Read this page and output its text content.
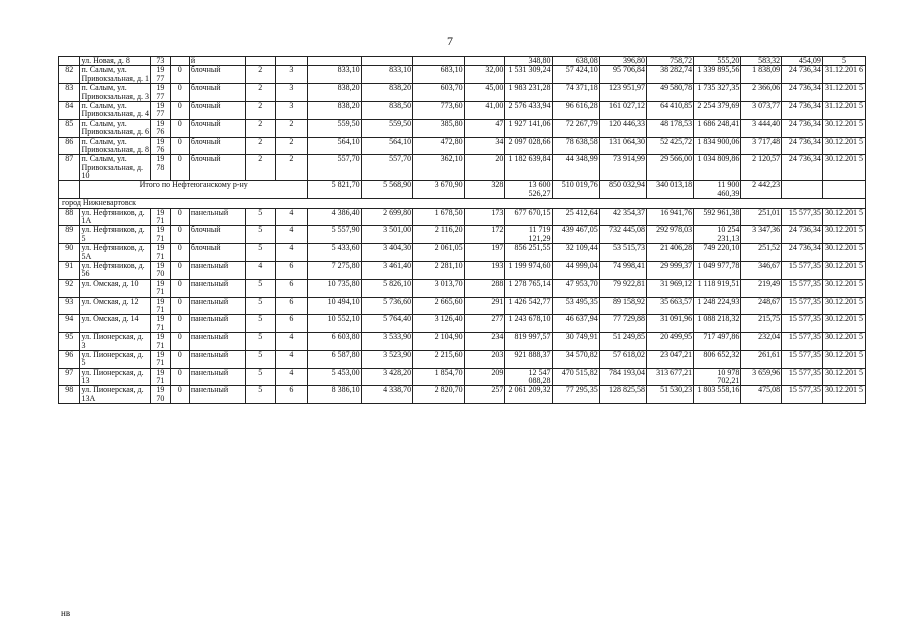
7
	ул. Новая, д. 8	73		й							348,80	638,08	396,80	758,72	555,20	583,32	454,09	5
82	п. Салым, ул. Привокзальная, д. 1	19 77	0	блочный	2	3	833,10	833,10	683,10	32,00	1 531 309,24	57 424,10	95 706,84	38 282,74	1 339 895,56	1 838,09	24 736,34	31.12.201 6
83	п. Салым, ул. Привокзальная, д. 3	19 77	0	блочный	2	3	838,20	838,20	603,70	45,00	1 983 231,28	74 371,18	123 951,97	49 580,78	1 735 327,35	2 366,06	24 736,34	31.12.201 5
84	п. Салым, ул. Привокзальная, д. 4	19 77	0	блочный	2	3	838,20	838,50	773,60	41,00	2 576 433,94	96 616,28	161 027,12	64 410,85	2 254 379,69	3 073,77	24 736,34	31.12.201 5
85	п. Салым, ул. Привокзальная, д. 6	19 76	0	блочный	2	2	559,50	559,50	385,80	47	1 927 141,06	72 267,79	120 446,33	48 178,53	1 686 248,41	3 444,40	24 736,34	30.12.201 5
86	п. Салым, ул. Привокзальная, д. 8	19 76	0	блочный	2	2	564,10	564,10	472,80	34	2 097 028,66	78 638,58	131 064,30	52 425,72	1 834 900,06	3 717,48	24 736,34	30.12.201 5
87	п. Салым, ул. Привокзальная, д. 10	19 78	0	блочный	2	2	557,70	557,70	362,10	20	1 182 639,84	44 348,99	73 914,99	29 566,00	1 034 809,86	2 120,57	24 736,34	30.12.201 5
	Итого по Нефтеюганскому р-ну						5 821,70	5 568,90	3 670,90	328	13 600 526,27	510 019,76	850 032,94	340 013,18	11 900 460,39	2 442,23		
город Нижневартовск																		
88	ул. Нефтяников, д. 1А	19 71	0	панельный	5	4	4 386,40	2 699,80	1 678,50	173	677 670,15	25 412,64	42 354,37	16 941,76	592 961,38	251,01	15 577,35	30.12.201 5
89	ул. Нефтяников, д. 5	19 71	0	блочный	5	4	5 557,90	3 501,00	2 116,20	172	11 719 121,29	439 467,05	732 445,08	292 978,03	10 254 231,13	3 347,36	24 736,34	30.12.201 5
90	ул. Нефтяников, д. 5А	19 71	0	блочный	5	4	5 433,60	3 404,30	2 061,05	197	856 251,55	32 109,44	53 515,73	21 406,28	749 220,10	251,52	24 736,34	30.12.201 5
91	ул. Нефтяников, д. 56	19 70	0	панельный	4	6	7 275,80	3 461,40	2 281,10	193	1 199 974,60	44 999,04	74 998,41	29 999,37	1 049 977,78	346,67	15 577,35	30.12.201 5
92	ул. Омская, д. 10	19 71	0	панельный	5	6	10 735,80	5 826,10	3 013,70	288	1 278 765,14	47 953,70	79 922,81	31 969,12	1 118 919,51	219,49	15 577,35	30.12.201 5
93	ул. Омская, д. 12	19 71	0	панельный	5	6	10 494,10	5 736,60	2 665,60	291	1 426 542,77	53 495,35	89 158,92	35 663,57	1 248 224,93	248,67	15 577,35	30.12.201 5
94	ул. Омская, д. 14	19 71	0	панельный	5	6	10 552,10	5 764,40	3 126,40	277	1 243 678,10	46 637,94	77 729,88	31 091,96	1 088 218,32	215,75	15 577,35	30.12.201 5
95	ул. Пионерская, д. 3	19 71	0	панельный	5	4	6 603,80	3 533,90	2 104,90	234	819 997,57	30 749,91	51 249,85	20 499,95	717 497,86	232,04	15 577,35	30.12.201 5
96	ул. Пионерская, д. 5	19 71	0	панельный	5	4	6 587,80	3 523,90	2 215,60	203	921 888,37	34 570,82	57 618,02	23 047,21	806 652,32	261,61	15 577,35	30.12.201 5
97	ул. Пионерская, д. 13	19 71	0	панельный	5	4	5 453,00	3 428,20	1 854,70	209	12 547 088,28	470 515,82	784 193,04	313 677,21	10 978 702,21	3 659,96	15 577,35	30.12.201 5
98	ул. Пионерская, д. 13А	19 70	0	панельный	5	6	8 386,10	4 338,70	2 820,70	257	2 061 209,32	77 295,35	128 825,58	51 530,23	1 803 558,16	475,08	15 577,35	30.12.201 5
нв
